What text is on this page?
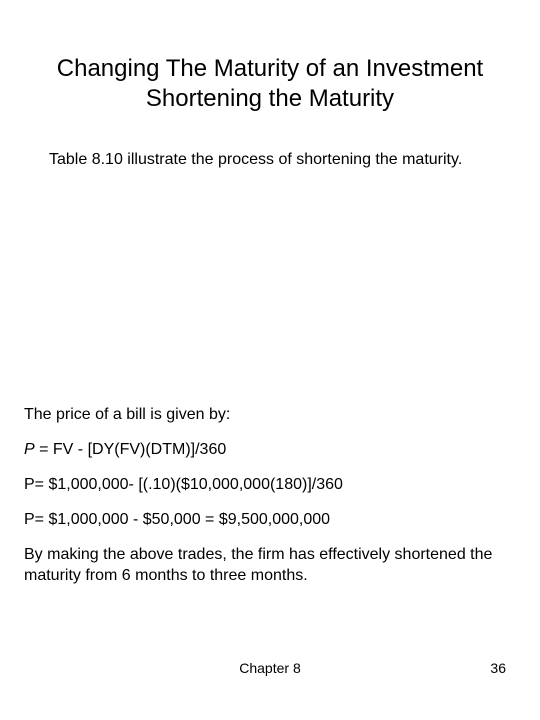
Changing The Maturity of an Investment
Shortening the Maturity
Table 8.10 illustrate the process of shortening the maturity.

The price of a bill is given by:

P = FV - [DY(FV)(DTM)]/360

P= $1,000,000- [(.10)($10,000,000(180)]/360

P= $1,000,000 - $50,000 = $9,500,000,000

By making the above trades, the firm has effectively shortened the maturity from 6 months to three months.

Chapter 8	36
